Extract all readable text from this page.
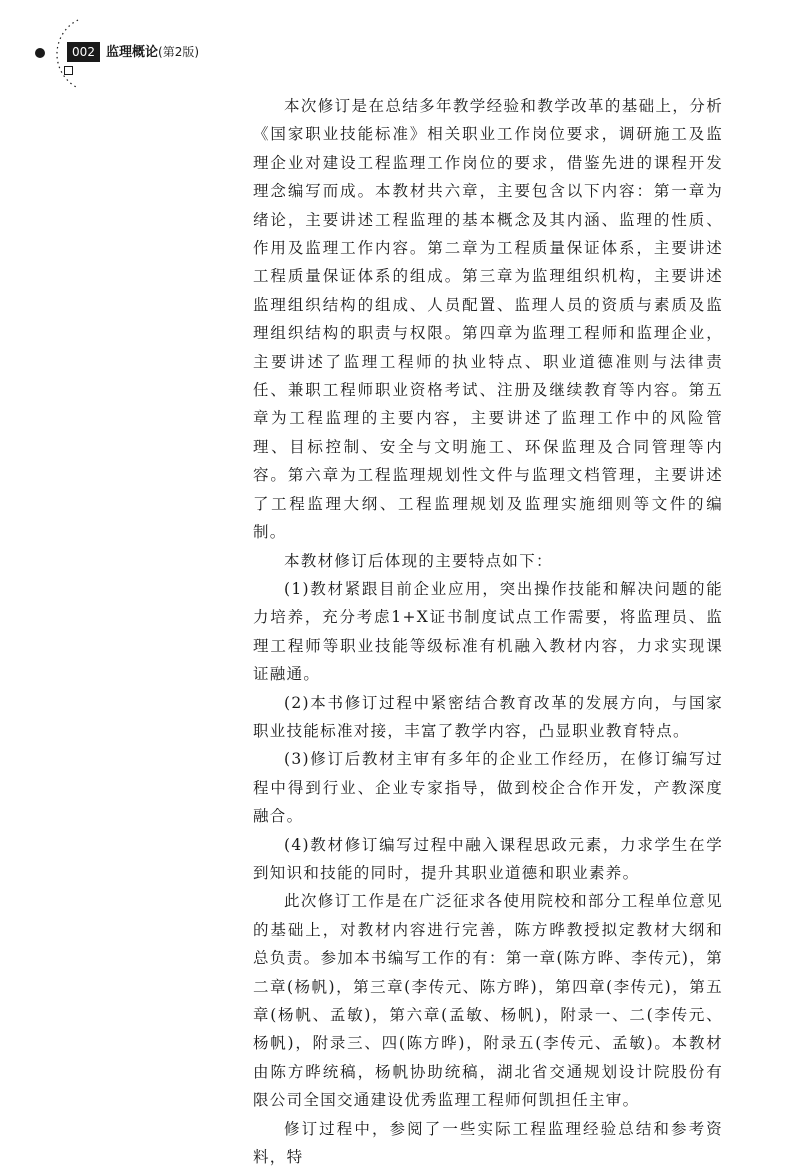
002 监理概论(第2版)

本次修订是在总结多年教学经验和教学改革的基础上，分析《国家职业技能标准》相关职业工作岗位要求，调研施工及监理企业对建设工程监理工作岗位的要求，借鉴先进的课程开发理念编写而成。本教材共六章，主要包含以下内容：第一章为绪论，主要讲述工程监理的基本概念及其内涵、监理的性质、作用及监理工作内容。第二章为工程质量保证体系，主要讲述工程质量保证体系的组成。第三章为监理组织机构，主要讲述监理组织结构的组成、人员配置、监理人员的资质与素质及监理组织结构的职责与权限。第四章为监理工程师和监理企业，主要讲述了监理工程师的执业特点、职业道德准则与法律责任、兼职工程师职业资格考试、注册及继续教育等内容。第五章为工程监理的主要内容，主要讲述了监理工作中的风险管理、目标控制、安全与文明施工、环保监理及合同管理等内容。第六章为工程监理规划性文件与监理文档管理，主要讲述了工程监理大纲、工程监理规划及监理实施细则等文件的编制。

本教材修订后体现的主要特点如下：

(1)教材紧跟目前企业应用，突出操作技能和解决问题的能力培养，充分考虑1+X证书制度试点工作需要，将监理员、监理工程师等职业技能等级标准有机融入教材内容，力求实现课证融通。

(2)本书修订过程中紧密结合教育改革的发展方向，与国家职业技能标准对接，丰富了教学内容，凸显职业教育特点。

(3)修订后教材主审有多年的企业工作经历，在修订编写过程中得到行业、企业专家指导，做到校企合作开发，产教深度融合。

(4)教材修订编写过程中融入课程思政元素，力求学生在学到知识和技能的同时，提升其职业道德和职业素养。

此次修订工作是在广泛征求各使用院校和部分工程单位意见的基础上，对教材内容进行完善，陈方晔教授拟定教材大纲和总负责。参加本书编写工作的有：第一章(陈方晔、李传元)，第二章(杨帆)，第三章(李传元、陈方晔)，第四章(李传元)，第五章(杨帆、孟敏)，第六章(孟敏、杨帆)，附录一、二(李传元、杨帆)，附录三、四(陈方晔)，附录五(李传元、孟敏)。本教材由陈方晔统稿，杨帆协助统稿，湖北省交通规划设计院股份有限公司全国交通建设优秀监理工程师何凯担任主审。

修订过程中，参阅了一些实际工程监理经验总结和参考资料，特
